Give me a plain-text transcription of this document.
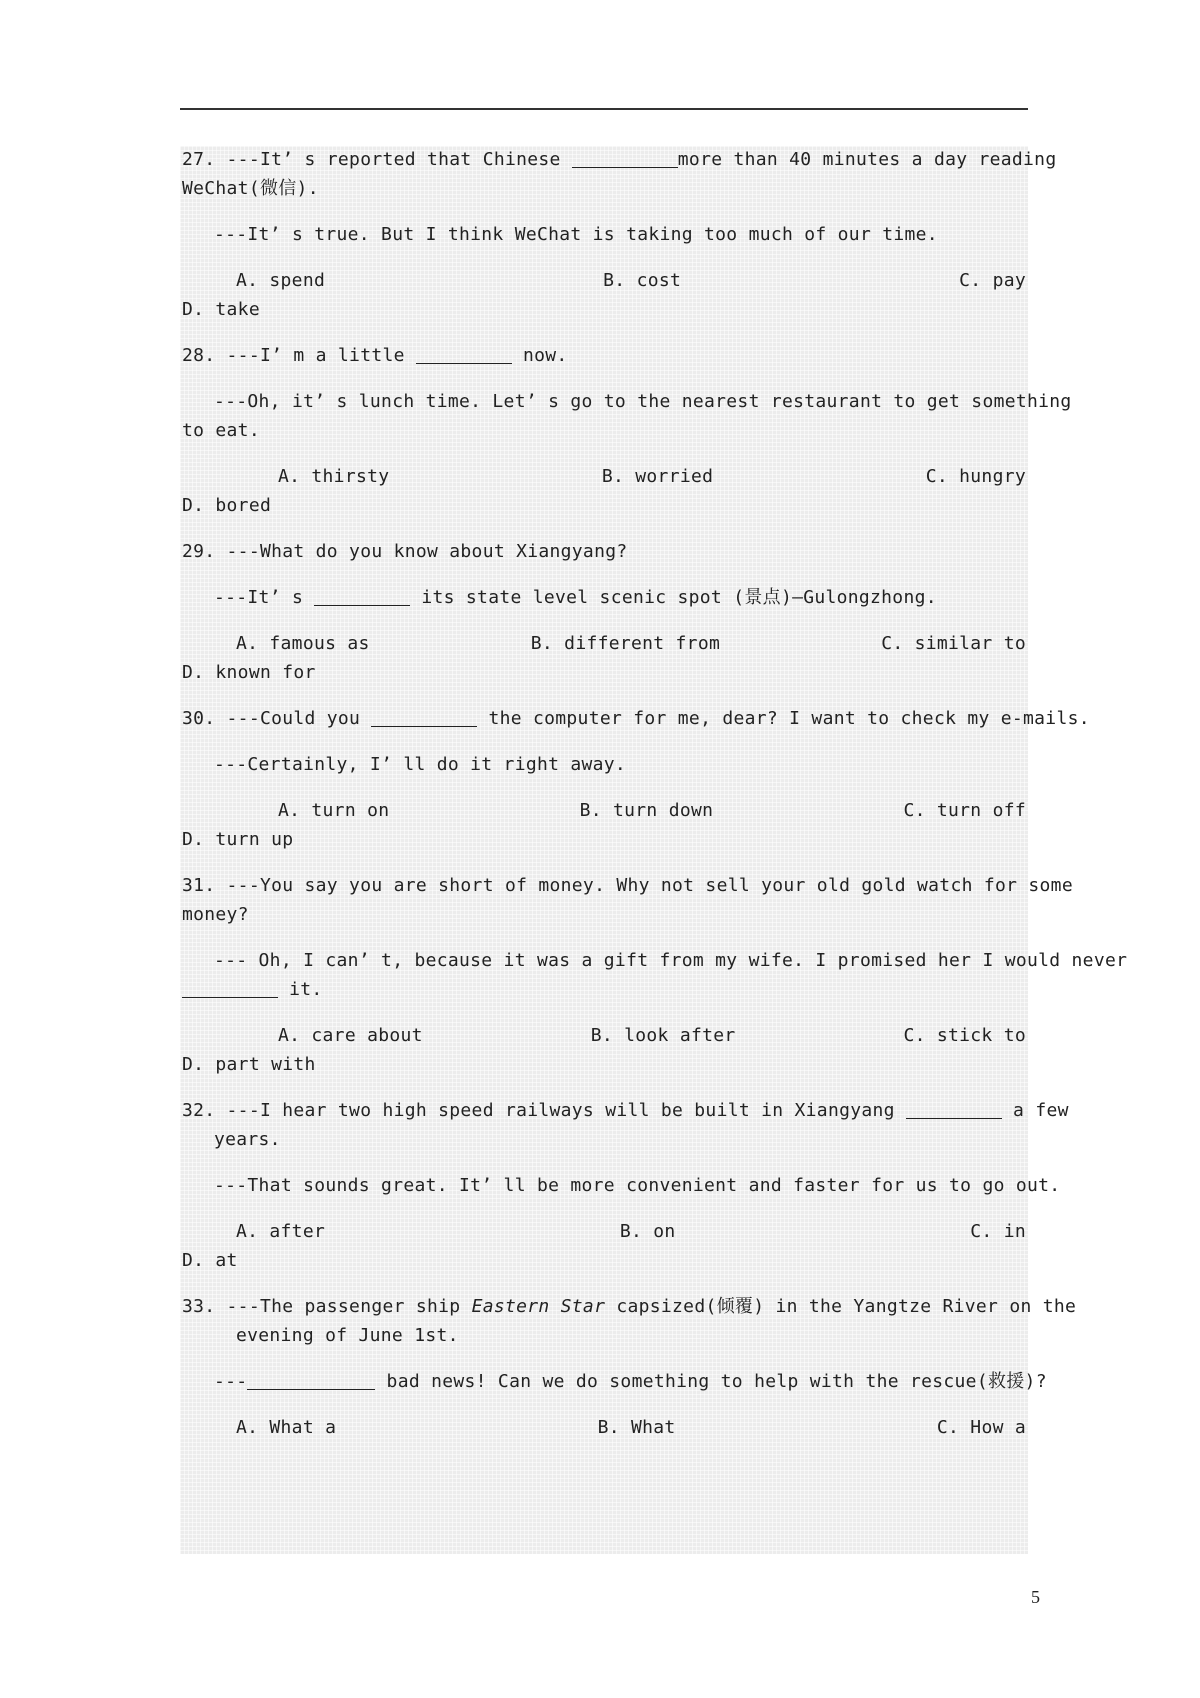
27. ---It’ s reported that Chinese	more than 40 minutes a day reading
WeChat(微信).
---It’ s true. But I think WeChat is taking too much of our time.
A. spend	B. cost	C. pay
D. take
28. ---I’ m a little	now.
---Oh, it’ s lunch time. Let’ s go to the nearest restaurant to get something
to eat.
A. thirsty	B. worried	C. hungry
D. bored
29. ---What do you know about Xiangyang?
---It’ s	its state level scenic spot (景点)—Gulongzhong.
A. famous as	B. different from	C. similar to
D. known for
30. ---Could you	the computer for me, dear? I want to check my e-mails.
---Certainly, I’ ll do it right away.
A. turn on	B. turn down	C. turn off
D. turn up
31. ---You say you are short of money. Why not sell your old gold watch for some
money?
--- Oh, I can’ t, because it was a gift from my wife. I promised her I would never
it.
A. care about	B. look after	C. stick to
D. part with
32. ---I hear two high speed railways will be built in Xiangyang	a few
years.
---That sounds great. It’ ll be more convenient and faster for us to go out.
A. after	B. on	C. in
D. at
33. ---The passenger ship Eastern Star capsized(倾覆) in the Yangtze River on the
evening of June 1st.
---	bad news! Can we do something to help with the rescue(救援)?
A. What a	B. What	C. How a
5
